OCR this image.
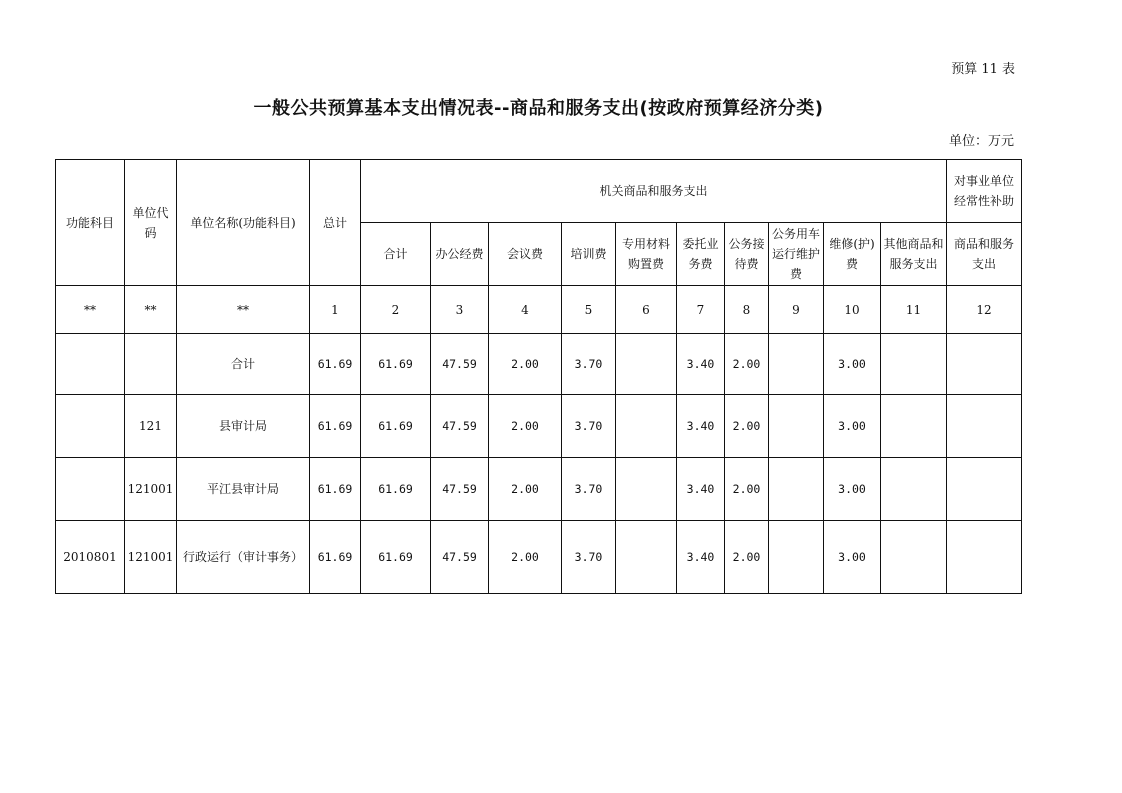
预算 11 表
一般公共预算基本支出情况表--商品和服务支出(按政府预算经济分类)
单位：万元
功能科目	单位代码	单位名称(功能科目)	总计	机关商品和服务支出										对事业单位经常性补助
				合计	办公经费	会议费	培训费	专用材料购置费	委托业务费	公务接待费	公务用车运行维护费	维修(护)费	其他商品和服务支出	商品和服务支出
**	**	**	1	2	3	4	5	6	7	8	9	10	11	12
		合计	61.69	61.69	47.59	2.00	3.70		3.40	2.00		3.00		
	121	县审计局	61.69	61.69	47.59	2.00	3.70		3.40	2.00		3.00		
	121001	平江县审计局	61.69	61.69	47.59	2.00	3.70		3.40	2.00		3.00		
2010801	121001	行政运行（审计事务）	61.69	61.69	47.59	2.00	3.70		3.40	2.00		3.00		
